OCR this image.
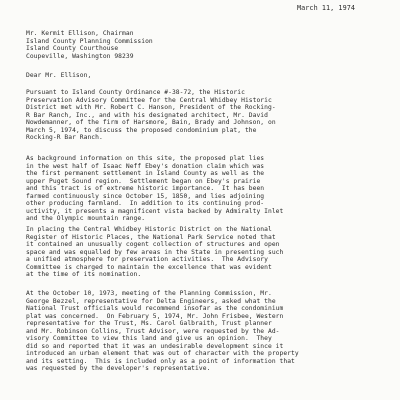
March 11, 1974
Mr. Kermit Ellison, Chairman
Island County Planning Commission
Island County Courthouse
Coupeville, Washington 98239
Dear Mr. Ellison,
Pursuant to Island County Ordinance #-38-72, the Historic
Preservation Advisory Committee for the Central Whidbey Historic
District met with Mr. Robert C. Hanson, President of the Rocking-
R Bar Ranch, Inc., and with his designated architect, Mr. David
Nowdemanner, of the firm of Harsmore, Bain, Brady and Johnson, on
March 5, 1974, to discuss the proposed condominium plat, the
Rocking-R Bar Ranch.
As background information on this site, the proposed plat lies
in the west half of Isaac Neff Ebey's donation claim which was
the first permanent settlement in Island County as well as the
upper Puget Sound region.  Settlement began on Ebey's prairie
and this tract is of extreme historic importance.  It has been
farmed continuously since October 15, 1850, and lies adjoining
other producing farmland.  In addition to its continuing prod-
uctivity, it presents a magnificent vista backed by Admiralty Inlet
and the Olympic mountain range.
In placing the Central Whidbey Historic District on the National
Register of Historic Places, the National Park Service noted that
it contained an unusually cogent collection of structures and open
space and was equalled by few areas in the State in presenting such
a unified atmosphere for preservation activities.  The Advisory
Committee is charged to maintain the excellence that was evident
at the time of its nomination.
At the October 10, 1973, meeting of the Planning Commission, Mr.
George Bezzel, representative for Delta Engineers, asked what the
National Trust officials would recommend insofar as the condominium
plat was concerned.  On February 5, 1974, Mr. John Frisbee, Western
representative for the Trust, Ms. Carol Galbraith, Trust planner
and Mr. Robinson Collins, Trust Advisor, were requested by the Ad-
visory Committee to view this land and give us an opinion.  They
did so and reported that it was an undesirable development since it
introduced an urban element that was out of character with the property
and its setting.  This is included only as a point of information that
was requested by the developer's representative.
